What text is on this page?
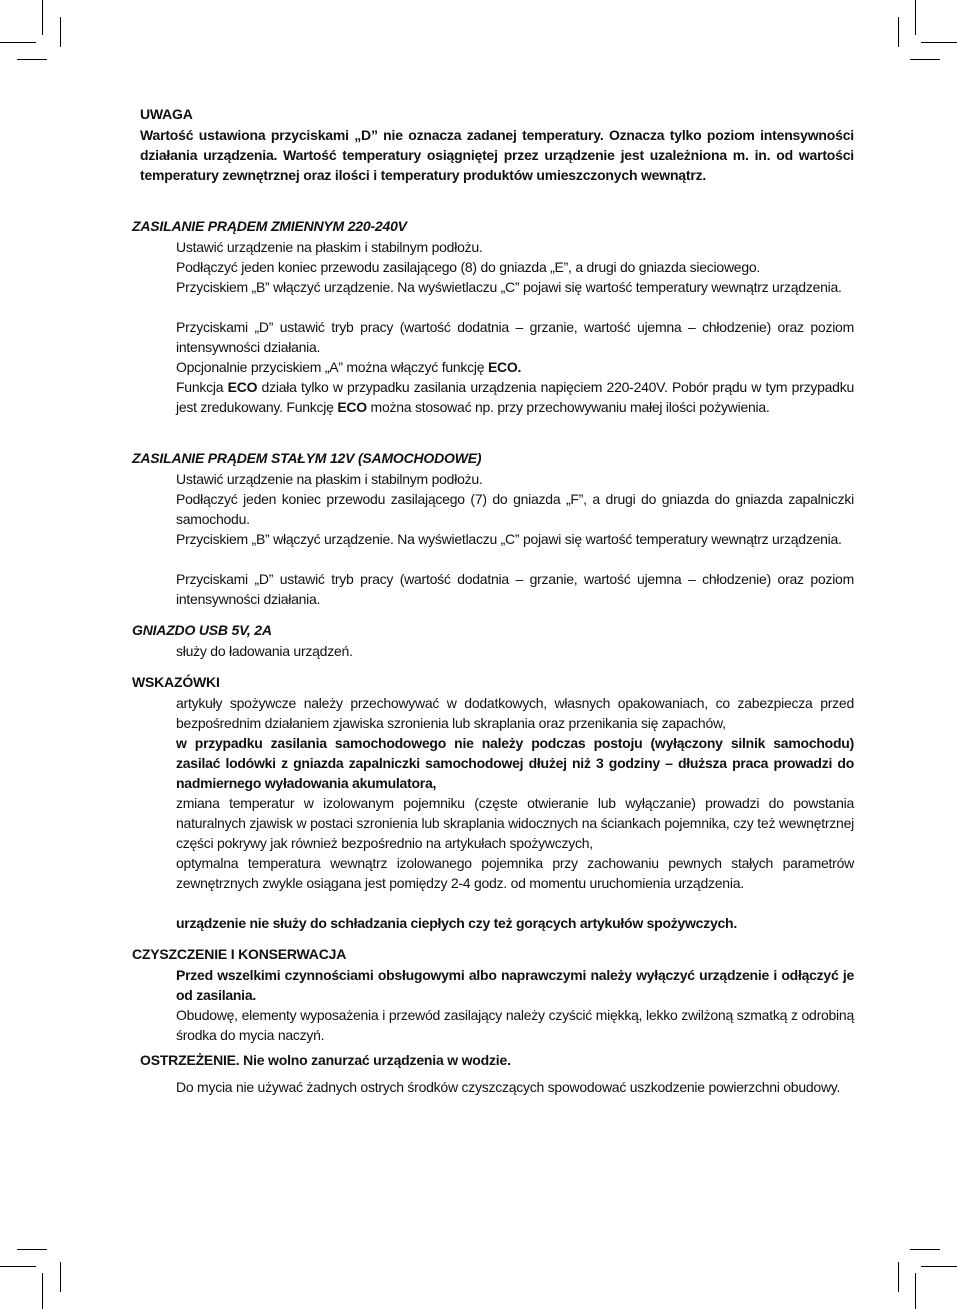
UWAGA
Wartość ustawiona przyciskami „D” nie oznacza zadanej temperatury. Oznacza tylko poziom intensywności działania urządzenia. Wartość temperatury osiągniętej przez urządzenie jest uzależniona m. in. od wartości temperatury zewnętrznej oraz ilości i temperatury produktów umieszczonych wewnątrz.
ZASILANIE PRĄDEM ZMIENNYM 220-240V
Ustawić urządzenie na płaskim i stabilnym podłożu.
Podłączyć jeden koniec przewodu zasilającego (8) do gniazda „E”, a drugi do gniazda sieciowego.
Przyciskiem „B” włączyć urządzenie. Na wyświetlaczu „C” pojawi się wartość temperatury wewnątrz urządzenia.
Przyciskami „D” ustawić tryb pracy (wartość dodatnia – grzanie, wartość ujemna – chłodzenie) oraz poziom intensywności działania.
Opcjonalnie przyciskiem „A” można włączyć funkcję ECO.
Funkcja ECO działa tylko w przypadku zasilania urządzenia napięciem 220-240V. Pobór prądu w tym przypadku jest zredukowany. Funkcję ECO można stosować np. przy przechowywaniu małej ilości pożywienia.
ZASILANIE PRĄDEM STAŁYM 12V (SAMOCHODOWE)
Ustawić urządzenie na płaskim i stabilnym podłożu.
Podłączyć jeden koniec przewodu zasilającego (7) do gniazda „F”, a drugi do gniazda do gniazda zapalniczki samochodu.
Przyciskiem „B” włączyć urządzenie. Na wyświetlaczu „C” pojawi się wartość temperatury wewnątrz urządzenia.
Przyciskami „D” ustawić tryb pracy (wartość dodatnia – grzanie, wartość ujemna – chłodzenie) oraz poziom intensywności działania.
GNIAZDO USB 5V, 2A
służy do ładowania urządzeń.
WSKAZÓWKI
artykuły spożywcze należy przechowywać w dodatkowych, własnych opakowaniach, co zabezpiecza przed bezpośrednim działaniem zjawiska szronienia lub skraplania oraz przenikania się zapachów,
w przypadku zasilania samochodowego nie należy podczas postoju (wyłączony silnik samochodu) zasilać lodówki z gniazda zapalniczki samochodowej dłużej niż 3 godziny – dłuższa praca prowadzi do nadmiernego wyładowania akumulatora,
zmiana temperatur w izolowanym pojemniku (częste otwieranie lub wyłączanie) prowadzi do powstania naturalnych zjawisk w postaci szronienia lub skraplania widocznych na ściankach pojemnika, czy też wewnętrznej części pokrywy jak również bezpośrednio na artykułach spożywczych,
optymalna temperatura wewnątrz izolowanego pojemnika przy zachowaniu pewnych stałych parametrów zewnętrznych zwykle osiągana jest pomiędzy 2-4 godz. od momentu uruchomienia urządzenia.
urządzenie nie służy do schładzania ciepłych czy też gorących artykułów spożywczych.
CZYSZCZENIE I KONSERWACJA
Przed wszelkimi czynnościami obsługowymi albo naprawczymi należy wyłączyć urządzenie i odłączyć je od zasilania.
Obudowę, elementy wyposażenia i przewód zasilający należy czyścić miękką, lekko zwilżoną szmatką z odrobiną środka do mycia naczyń.
OSTRZEŻENIE. Nie wolno zanurzać urządzenia w wodzie.
Do mycia nie używać żadnych ostrych środków czyszczących spowodować uszkodzenie powierzchni obudowy.
